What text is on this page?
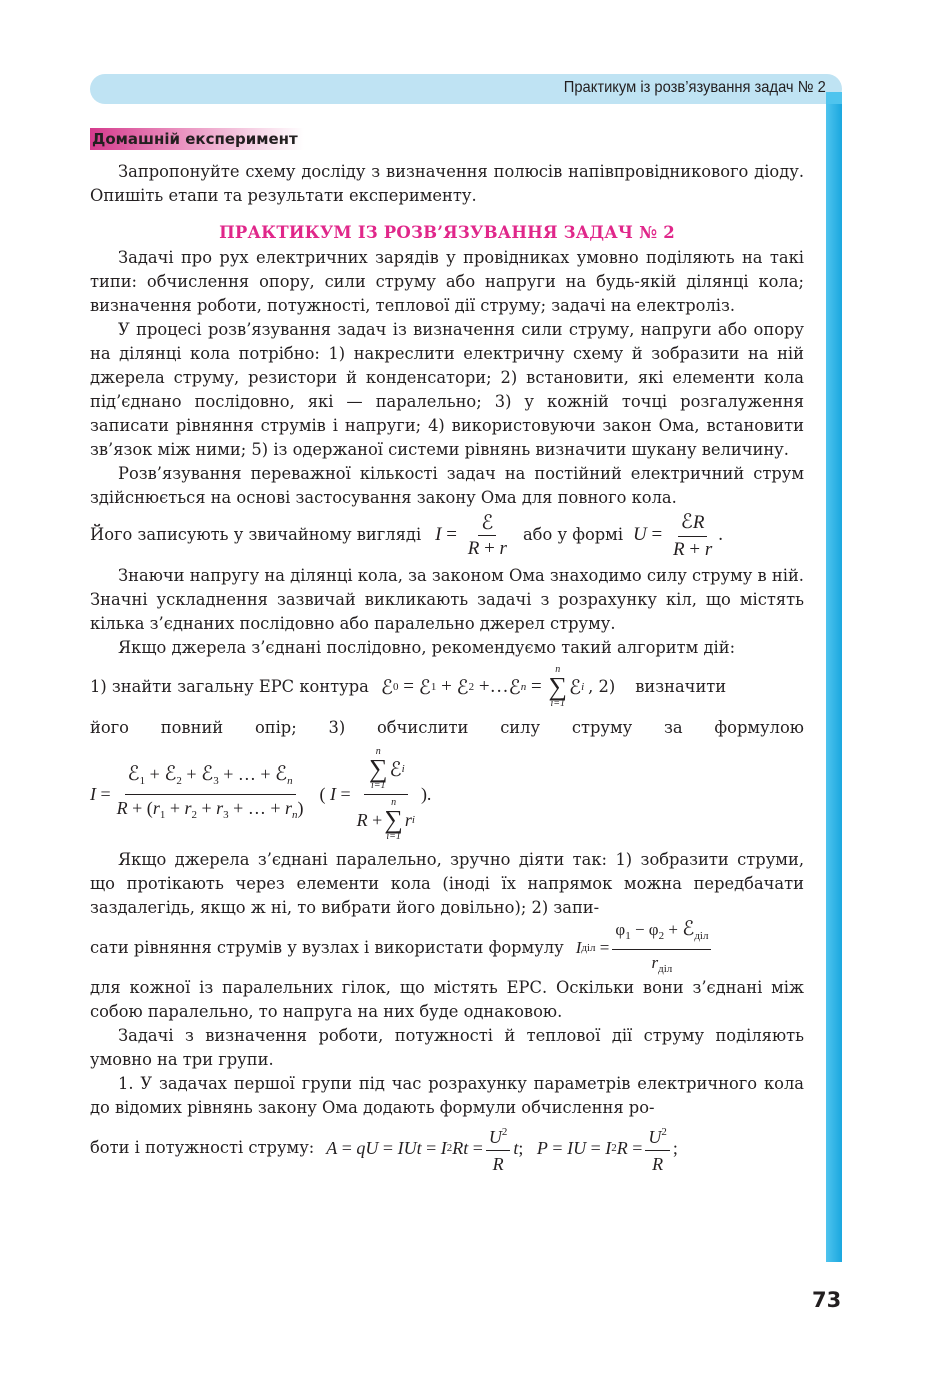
Практикум із розв’язування задач № 2
Домашній експеримент

Запропонуйте схему досліду з визначення полюсів напівпровідникового діоду. Опишіть етапи та результати експерименту.

ПРАКТИКУМ ІЗ РОЗВ’ЯЗУВАННЯ ЗАДАЧ № 2

Задачі про рух електричних зарядів у провідниках умовно поділяють на такі типи: обчислення опору, сили струму або напруги на будь-якій ділянці кола; визначення роботи, потужності, теплової дії струму; задачі на електроліз.

У процесі розв’язування задач із визначення сили струму, напруги або опору на ділянці кола потрібно: 1) накреслити електричну схему й зобразити на ній джерела струму, резистори й конденсатори; 2) встановити, які елементи кола під’єднано послідовно, які — паралельно; 3) у кожній точці розгалуження записати рівняння струмів і напруги; 4) використовуючи закон Ома, встановити зв’язок між ними; 5) із одержаної системи рівнянь визначити шукану величину.

Розв’язування переважної кількості задач на постійний електричний струм здійснюється на основі застосування закону Ома для повного кола.

Його записують у звичайному вигляді $I = \frac{\text{ℰ}}{R + r}$ або у формі $U = \frac{\text{ℰR}}{R + r}$ .

Знаючи напругу на ділянці кола, за законом Ома знаходимо силу струму в ній. Значні ускладнення зазвичай викликають задачі з розрахунку кіл, що містять кілька з’єднаних послідовно або паралельно джерел струму.

Якщо джерела з’єднані послідовно, рекомендуємо такий алгоритм дій:

1) знайти загальну ЕРС контура ℰ 0 = ℰ 1 + ℰ 2 +… ℰ n =
n
∑
i=1
ℰ i , 2) визначити
його повний опір; 3) обчислити силу струму за формулою
$I = \frac{ℰ_1 + ℰ_2 + ℰ_3 + \dots + ℰ_n}{R + (r_1 + r_2 + r_3 + \dots + r_n)}$ ( I = n
∑
i=1
ℰ i
R +
n
∑
i=1
r i ).

Якщо джерела з’єднані паралельно, зручно діяти так: 1) зобразити струми, що протікають через елементи кола (іноді їх напрямок можна передбачати заздалегідь, якщо ж ні, то вибрати його довільно); 2) запи-

сати рівняння струмів у вузлах і використати формулу I діл = $\frac{\varphi_1 - \varphi_2 + ℰ_{діл}}{r_{діл}}$

для кожної із паралельних гілок, що містять ЕРС. Оскільки вони з’єднані між собою паралельно, то напруга на них буде однаковою.

Задачі з визначення роботи, потужності й теплової дії струму поділяють умовно на три групи.

1. У задачах першої групи під час розрахунку параметрів електричного кола до відомих рівнянь закону Ома додають формули обчислення ро-

боти і потужності струму: A = qU = IUt = I 2 $Rt = \frac{U^2}{R}$ t ; P = IU = I 2 $R = \frac{U^2}{R}$ ;
73
